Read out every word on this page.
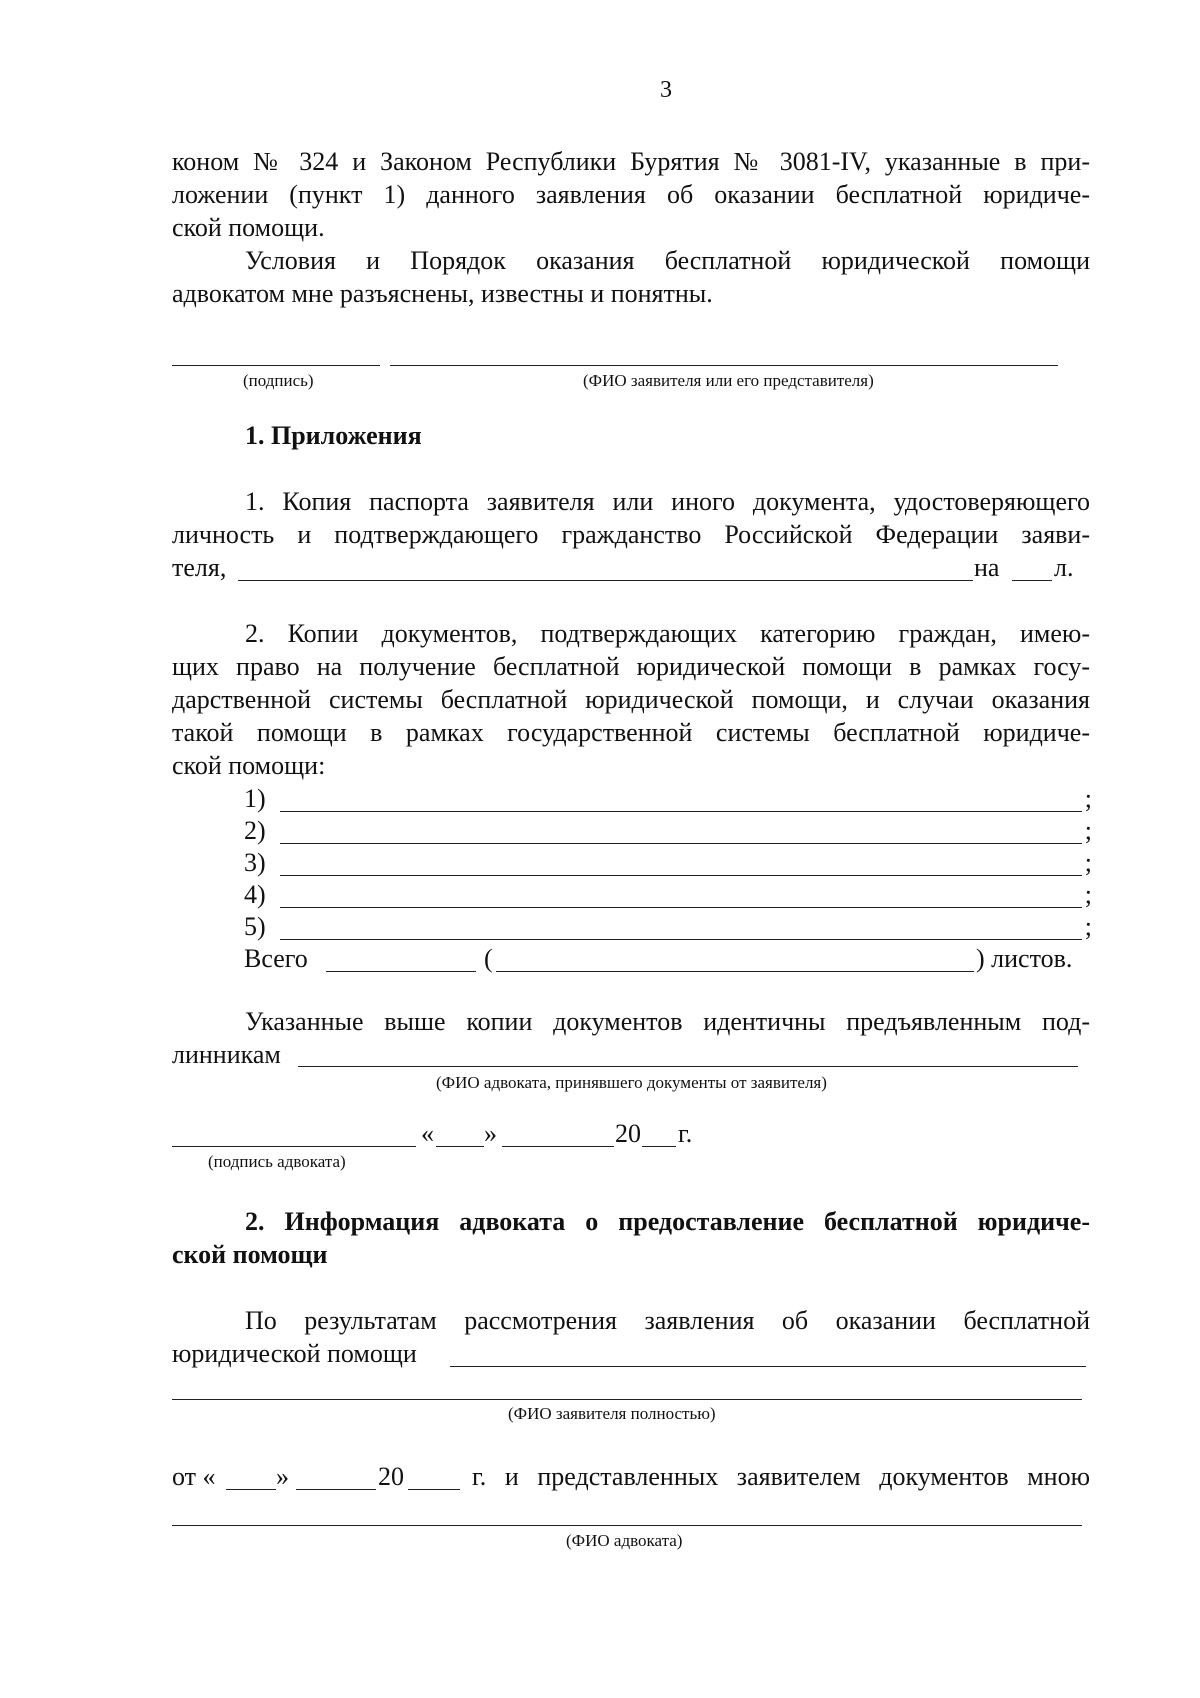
3
коном № 324 и Законом Республики Бурятия № 3081-IV, указанные в при-
ложении (пункт 1) данного заявления об оказании бесплатной юридиче-
ской помощи.
Условия и Порядок оказания бесплатной юридической помощи
адвокатом мне разъяснены, известны и понятны.
(подпись)	(ФИО заявителя или его представителя)
1. Приложения
1. Копия паспорта заявителя или иного документа, удостоверяющего
личность и подтверждающего гражданство Российской Федерации заяви-
теля,	на л.
2. Копии документов, подтверждающих категорию граждан, имею-
щих право на получение бесплатной юридической помощи в рамках госу-
дарственной системы бесплатной юридической помощи, и случаи оказания
такой помощи в рамках государственной системы бесплатной юридиче-
ской помощи:
1)	;
2)	;
3)	;
4)	;
5)	;
Всего	(	) листов.
Указанные выше копии документов идентичны предъявленным под-
линникам
(ФИО адвоката, принявшего документы от заявителя)
« »	20 г.
(подпись адвоката)
2. Информация адвоката о предоставление бесплатной юридиче-
ской помощи
По результатам рассмотрения заявления об оказании бесплатной
юридической помощи
(ФИО заявителя полностью)
от « »	20	г. и представленных заявителем документов мною
(ФИО адвоката)
